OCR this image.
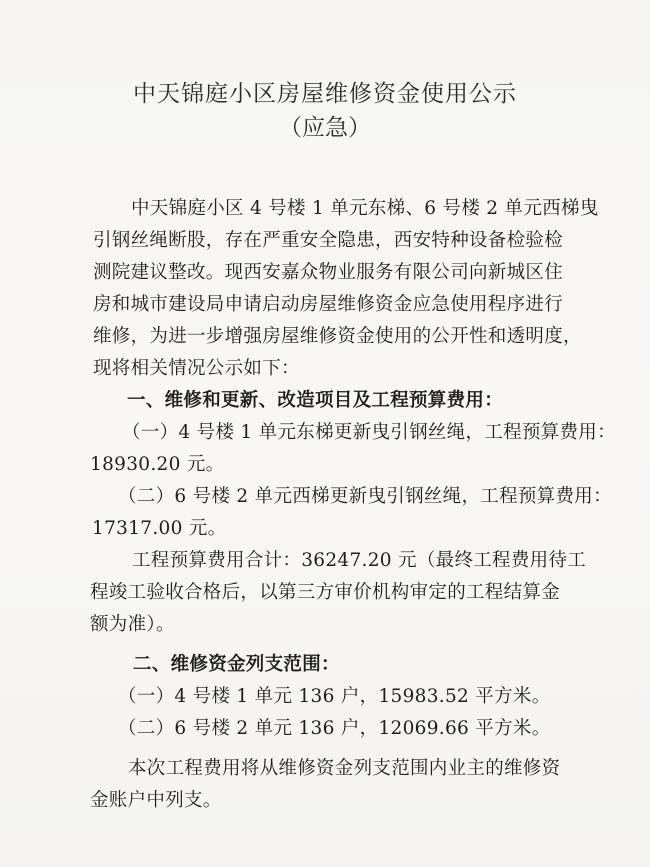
中天锦庭小区房屋维修资金使用公示
（应急）
中天锦庭小区 4 号楼 1 单元东梯、6 号楼 2 单元西梯曳
引钢丝绳断股，存在严重安全隐患，西安特种设备检验检
测院建议整改。现西安嘉众物业服务有限公司向新城区住
房和城市建设局申请启动房屋维修资金应急使用程序进行
维修，为进一步增强房屋维修资金使用的公开性和透明度，
现将相关情况公示如下：
一、维修和更新、改造项目及工程预算费用：
（一）4 号楼 1 单元东梯更新曳引钢丝绳，工程预算费用：
18930.20 元。
（二）6 号楼 2 单元西梯更新曳引钢丝绳，工程预算费用：
17317.00 元。
工程预算费用合计：36247.20 元（最终工程费用待工
程竣工验收合格后，以第三方审价机构审定的工程结算金
额为准）。
二、维修资金列支范围：
（一）4 号楼 1 单元 136 户，15983.52 平方米。
（二）6 号楼 2 单元 136 户，12069.66 平方米。
本次工程费用将从维修资金列支范围内业主的维修资
金账户中列支。
